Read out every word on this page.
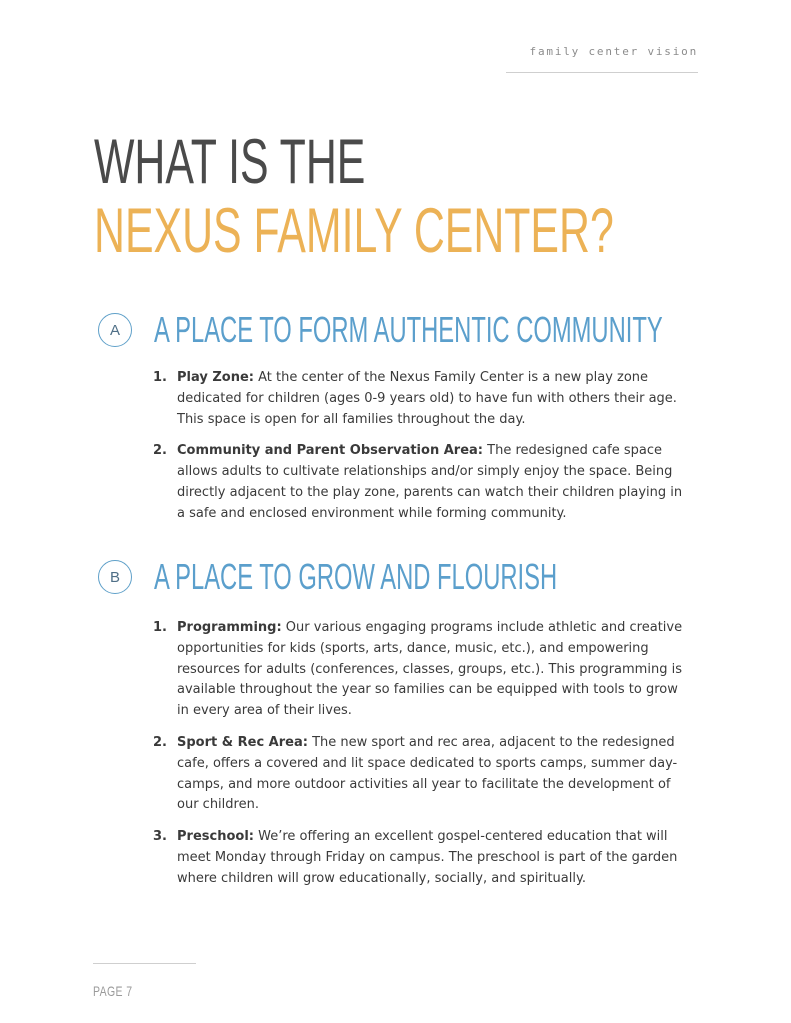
family center vision
WHAT IS THE
NEXUS FAMILY CENTER?
A A PLACE TO FORM AUTHENTIC COMMUNITY
1. Play Zone: At the center of the Nexus Family Center is a new play zone dedicated for children (ages 0-9 years old) to have fun with others their age. This space is open for all families throughout the day.
2. Community and Parent Observation Area: The redesigned cafe space allows adults to cultivate relationships and/or simply enjoy the space. Being directly adjacent to the play zone, parents can watch their children playing in a safe and enclosed environment while forming community.
B A PLACE TO GROW AND FLOURISH
1. Programming: Our various engaging programs include athletic and creative opportunities for kids (sports, arts, dance, music, etc.), and empowering resources for adults (conferences, classes, groups, etc.). This programming is available throughout the year so families can be equipped with tools to grow in every area of their lives.
2. Sport & Rec Area: The new sport and rec area, adjacent to the redesigned cafe, offers a covered and lit space dedicated to sports camps, summer day-camps, and more outdoor activities all year to facilitate the development of our children.
3. Preschool: We’re offering an excellent gospel-centered education that will meet Monday through Friday on campus. The preschool is part of the garden where children will grow educationally, socially, and spiritually.
PAGE 7
